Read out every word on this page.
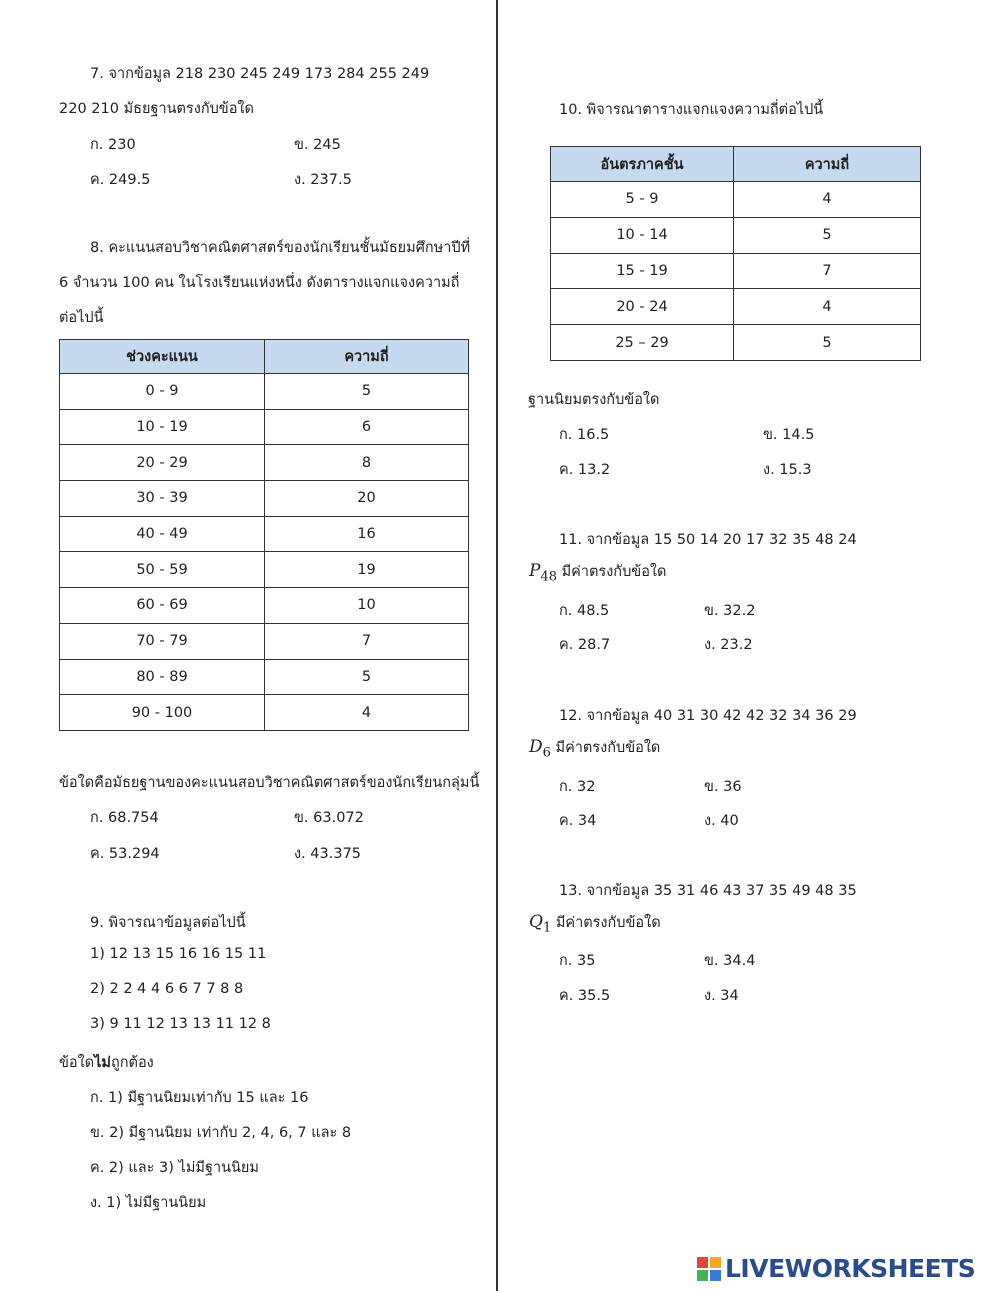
7. จากข้อมูล 218 230 245 249 173 284 255 249
220 210 มัธยฐานตรงกับข้อใด
ก. 230	ข. 245
ค. 249.5	ง. 237.5
8. คะแนนสอบวิชาคณิตศาสตร์ของนักเรียนชั้นมัธยมศึกษาปีที่
6 จำนวน 100 คน ในโรงเรียนแห่งหนึ่ง ดังตารางแจกแจงความถี่
ต่อไปนี้
ช่วงคะแนน	ความถี่
0 - 9	5
10 - 19	6
20 - 29	8
30 - 39	20
40 - 49	16
50 - 59	19
60 - 69	10
70 - 79	7
80 - 89	5
90 - 100	4
ข้อใดคือมัธยฐานของคะแนนสอบวิชาคณิตศาสตร์ของนักเรียนกลุ่มนี้
ก. 68.754	ข. 63.072
ค. 53.294	ง. 43.375
9. พิจารณาข้อมูลต่อไปนี้
1) 12 13 15 16 16 15 11
2) 2 2 4 4 6 6 7 7 8 8
3) 9 11 12 13 13 11 12 8
ข้อใดไม่ถูกต้อง
ก. 1) มีฐานนิยมเท่ากับ 15 และ 16
ข. 2) มีฐานนิยม เท่ากับ 2, 4, 6, 7 และ 8
ค. 2) และ 3) ไม่มีฐานนิยม
ง. 1) ไม่มีฐานนิยม
10. พิจารณาตารางแจกแจงความถี่ต่อไปนี้
อันตรภาคชั้น	ความถี่
5 - 9	4
10 - 14	5
15 - 19	7
20 - 24	4
25 – 29	5
ฐานนิยมตรงกับข้อใด
ก. 16.5	ข. 14.5
ค. 13.2	ง. 15.3
11. จากข้อมูล 15 50 14 20 17 32 35 48 24
$P_{48}$ มีค่าตรงกับข้อใด
ก. 48.5	ข. 32.2
ค. 28.7	ง. 23.2
12. จากข้อมูล 40 31 30 42 42 32 34 36 29
$D_6$ มีค่าตรงกับข้อใด
ก. 32	ข. 36
ค. 34	ง. 40
13. จากข้อมูล 35 31 46 43 37 35 49 48 35
$Q_1$ มีค่าตรงกับข้อใด
ก. 35	ข. 34.4
ค. 35.5	ง. 34
LIVEWORKSHEETS
